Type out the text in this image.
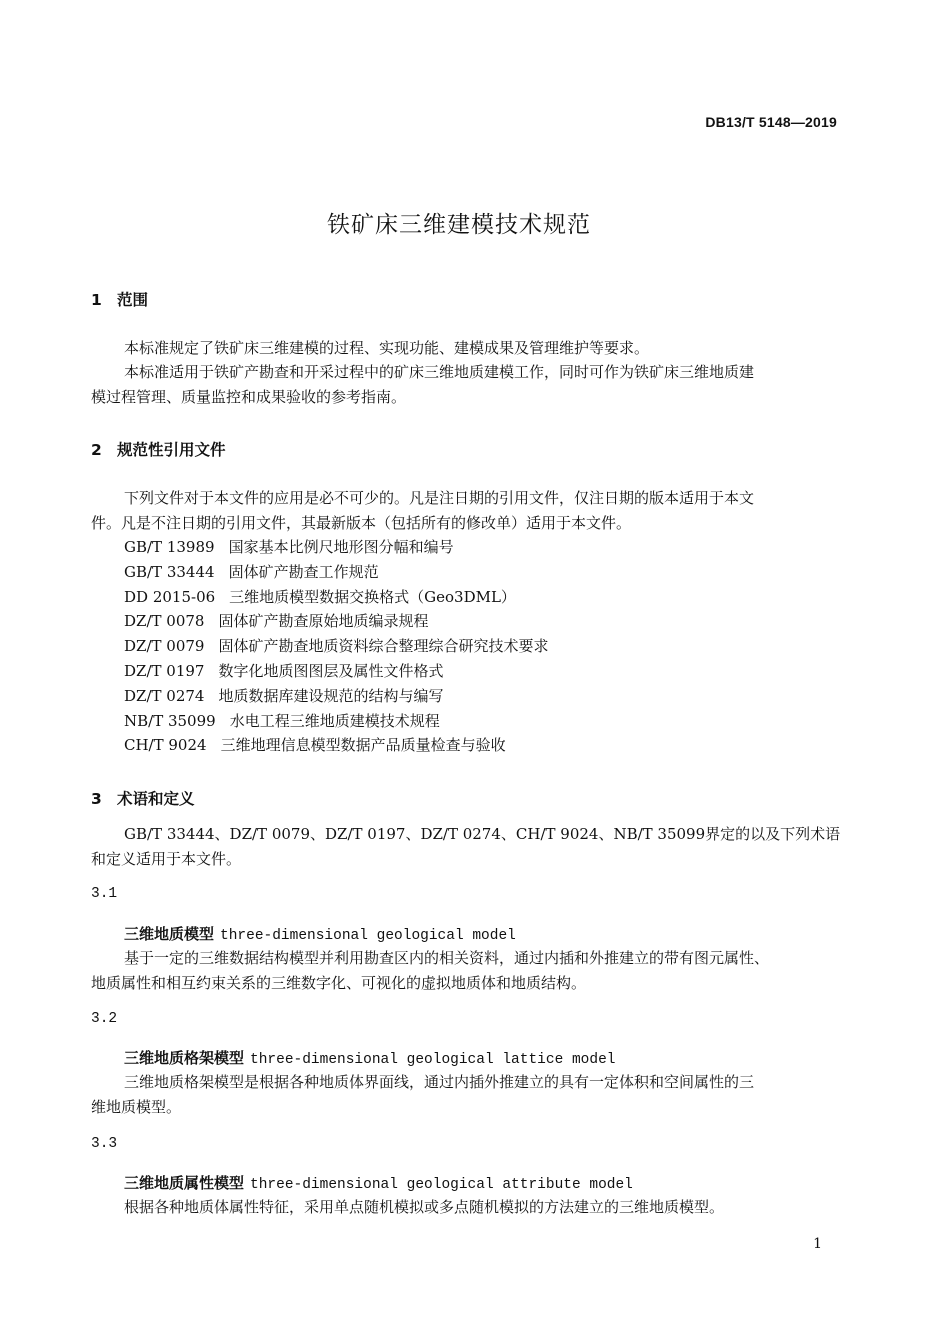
DB13/T 5148—2019
铁矿床三维建模技术规范
1 范围
本标准规定了铁矿床三维建模的过程、实现功能、建模成果及管理维护等要求。
本标准适用于铁矿产勘查和开采过程中的矿床三维地质建模工作，同时可作为铁矿床三维地质建
模过程管理、质量监控和成果验收的参考指南。
2 规范性引用文件
下列文件对于本文件的应用是必不可少的。凡是注日期的引用文件，仅注日期的版本适用于本文
件。凡是不注日期的引用文件，其最新版本（包括所有的修改单）适用于本文件。
GB/T 13989 国家基本比例尺地形图分幅和编号
GB/T 33444 固体矿产勘查工作规范
DD 2015-06 三维地质模型数据交换格式（Geo3DML）
DZ/T 0078 固体矿产勘查原始地质编录规程
DZ/T 0079 固体矿产勘查地质资料综合整理综合研究技术要求
DZ/T 0197 数字化地质图图层及属性文件格式
DZ/T 0274 地质数据库建设规范的结构与编写
NB/T 35099 水电工程三维地质建模技术规程
CH/T 9024 三维地理信息模型数据产品质量检查与验收
3 术语和定义
GB/T 33444、DZ/T 0079、DZ/T 0197、DZ/T 0274、CH/T 9024、NB/T 35099界定的以及下列术语
和定义适用于本文件。
3.1
三维地质模型 three-dimensional geological model
基于一定的三维数据结构模型并利用勘查区内的相关资料，通过内插和外推建立的带有图元属性、
地质属性和相互约束关系的三维数字化、可视化的虚拟地质体和地质结构。
3.2
三维地质格架模型 three-dimensional geological lattice model
三维地质格架模型是根据各种地质体界面线，通过内插外推建立的具有一定体积和空间属性的三
维地质模型。
3.3
三维地质属性模型 three-dimensional geological attribute model
根据各种地质体属性特征，采用单点随机模拟或多点随机模拟的方法建立的三维地质模型。
1
